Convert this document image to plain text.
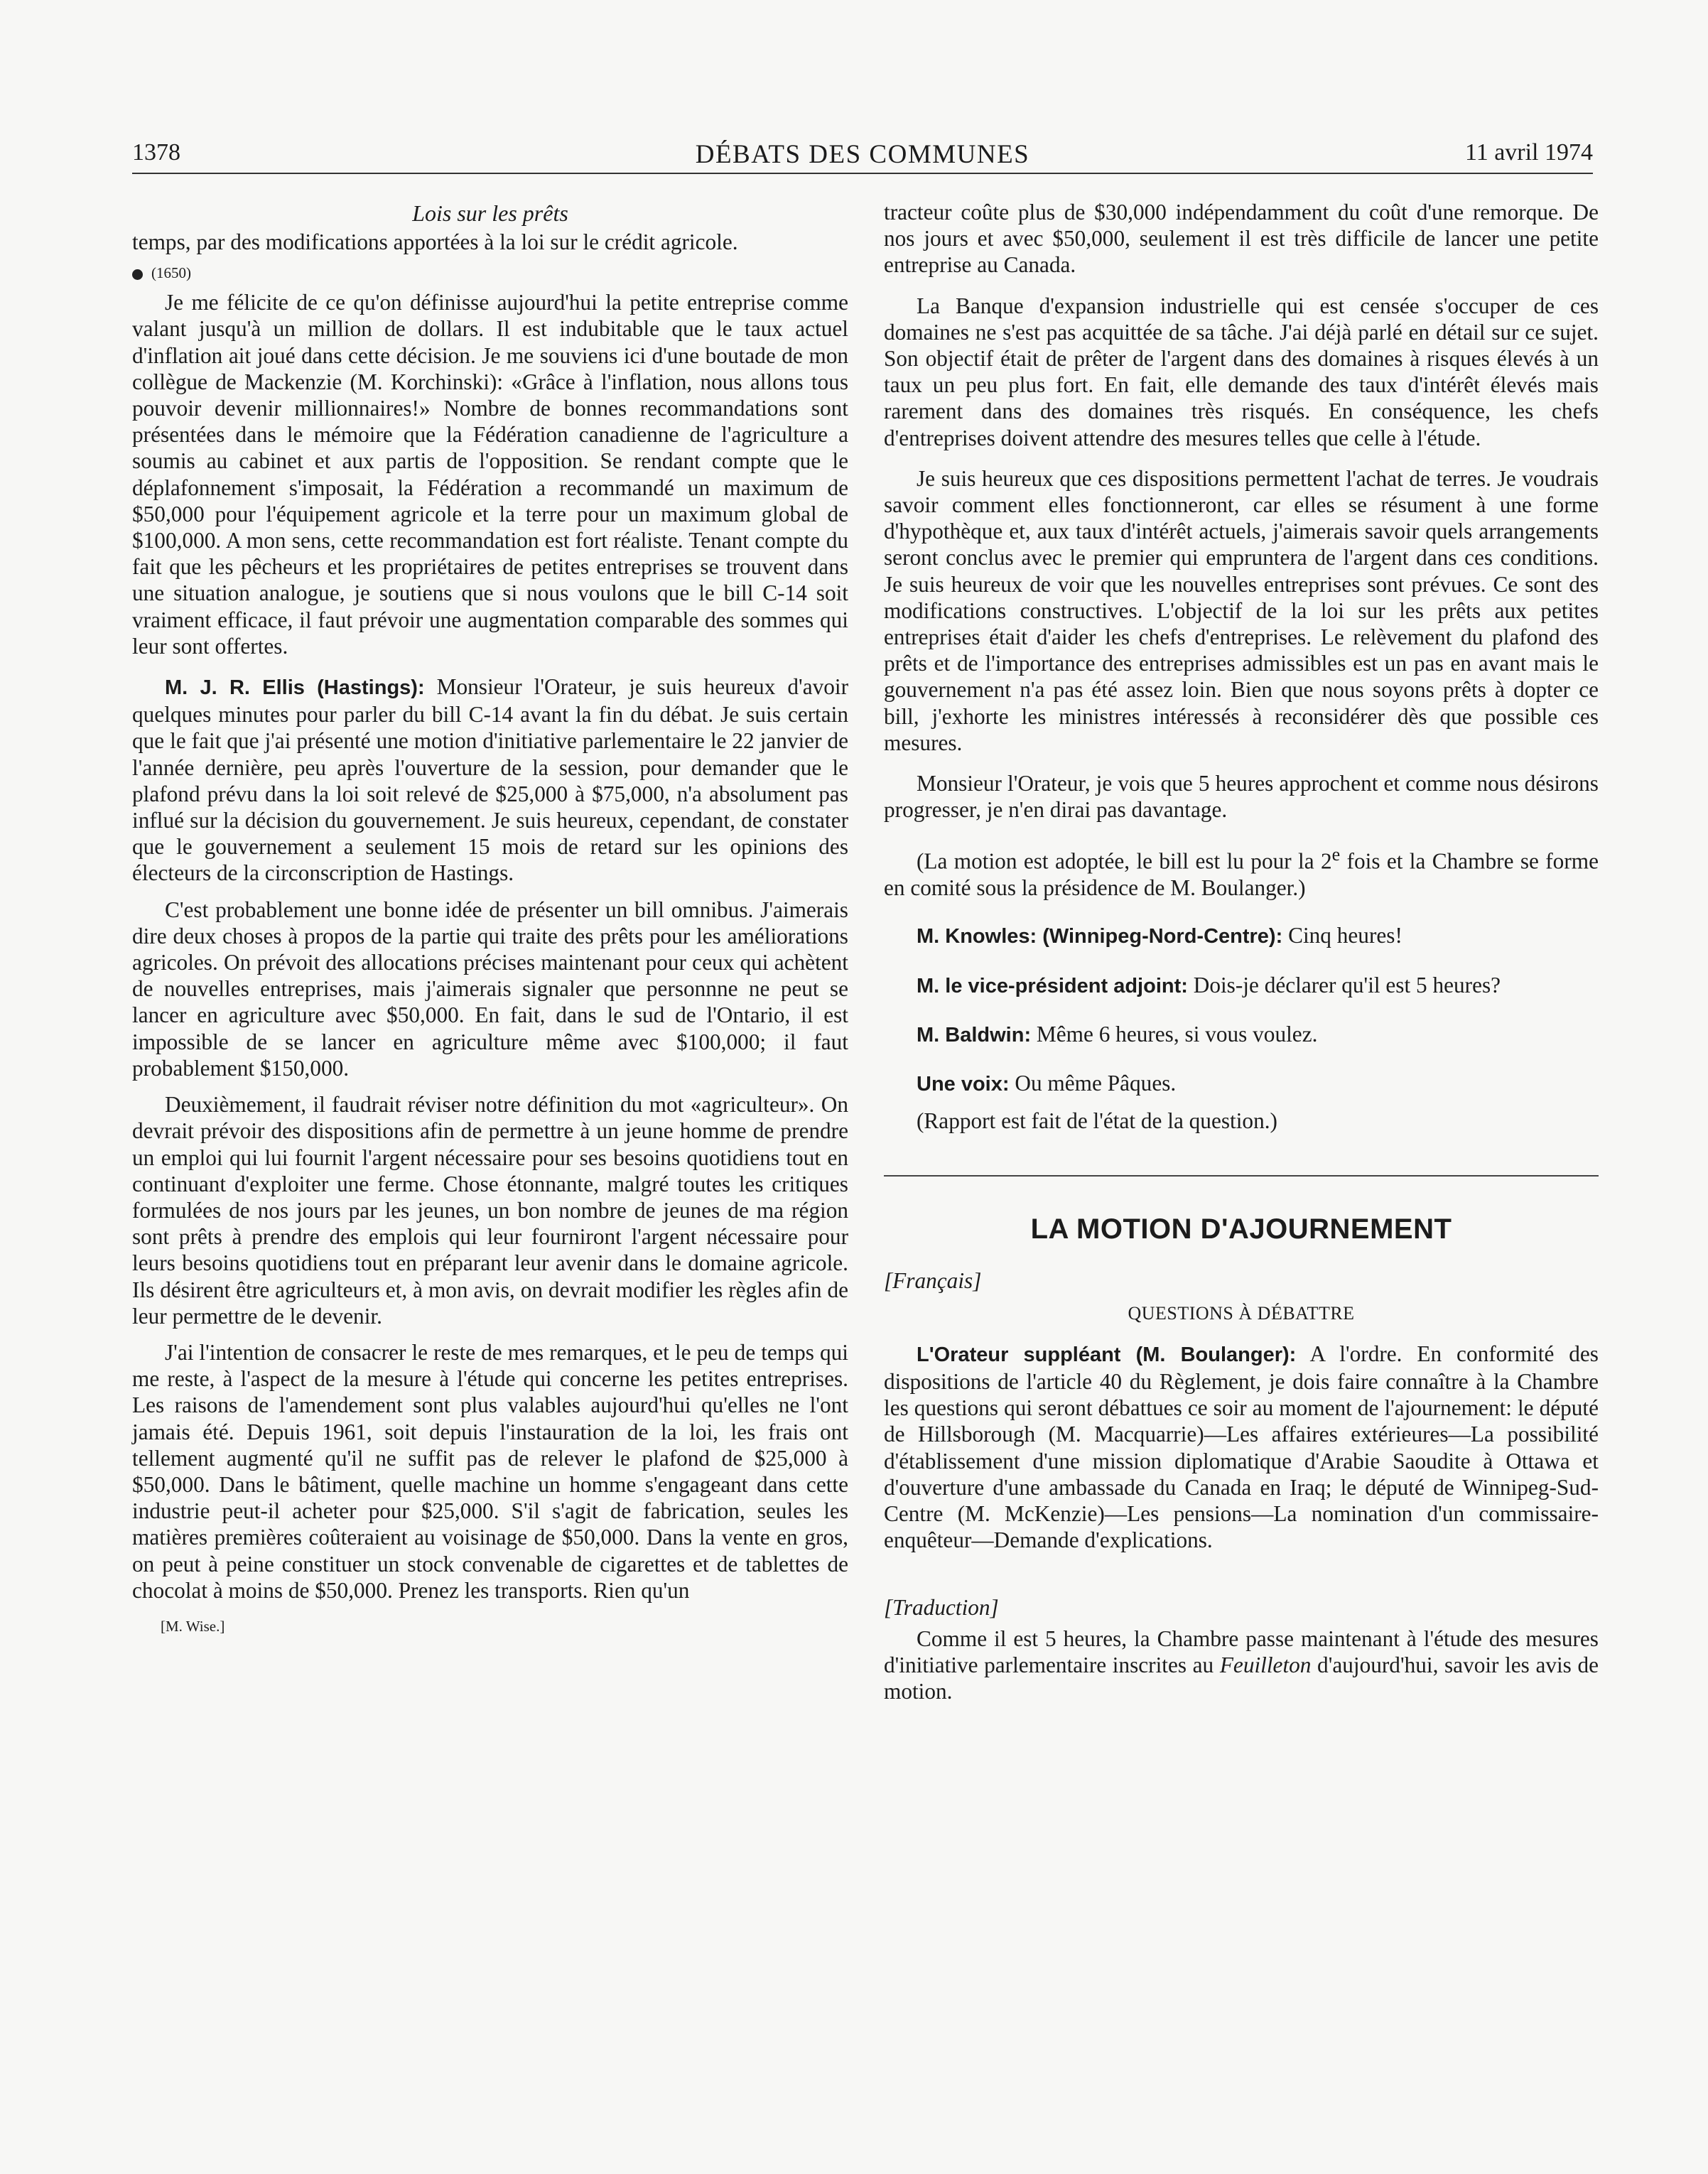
1378	DÉBATS DES COMMUNES	11 avril 1974
Lois sur les prêts

temps, par des modifications apportées à la loi sur le crédit agricole.

(1650)

Je me félicite de ce qu'on définisse aujourd'hui la petite entreprise comme valant jusqu'à un million de dollars. Il est indubitable que le taux actuel d'inflation ait joué dans cette décision. Je me souviens ici d'une boutade de mon collègue de Mackenzie (M. Korchinski): «Grâce à l'inflation, nous allons tous pouvoir devenir millionnaires!» Nombre de bonnes recommandations sont présentées dans le mémoire que la Fédération canadienne de l'agriculture a soumis au cabinet et aux partis de l'opposition. Se rendant compte que le déplafonnement s'imposait, la Fédération a recommandé un maximum de $50,000 pour l'équipement agricole et la terre pour un maximum global de $100,000. A mon sens, cette recommandation est fort réaliste. Tenant compte du fait que les pêcheurs et les propriétaires de petites entreprises se trouvent dans une situation analogue, je soutiens que si nous voulons que le bill C-14 soit vraiment efficace, il faut prévoir une augmentation comparable des sommes qui leur sont offertes.

M. J. R. Ellis (Hastings): Monsieur l'Orateur, je suis heureux d'avoir quelques minutes pour parler du bill C-14 avant la fin du débat. Je suis certain que le fait que j'ai présenté une motion d'initiative parlementaire le 22 janvier de l'année dernière, peu après l'ouverture de la session, pour demander que le plafond prévu dans la loi soit relevé de $25,000 à $75,000, n'a absolument pas influé sur la décision du gouvernement. Je suis heureux, cependant, de constater que le gouvernement a seulement 15 mois de retard sur les opinions des électeurs de la circonscription de Hastings.

C'est probablement une bonne idée de présenter un bill omnibus. J'aimerais dire deux choses à propos de la partie qui traite des prêts pour les améliorations agricoles. On prévoit des allocations précises maintenant pour ceux qui achètent de nouvelles entreprises, mais j'aimerais signaler que personnne ne peut se lancer en agriculture avec $50,000. En fait, dans le sud de l'Ontario, il est impossible de se lancer en agriculture même avec $100,000; il faut probablement $150,000.

Deuxièmement, il faudrait réviser notre définition du mot «agriculteur». On devrait prévoir des dispositions afin de permettre à un jeune homme de prendre un emploi qui lui fournit l'argent nécessaire pour ses besoins quotidiens tout en continuant d'exploiter une ferme. Chose étonnante, malgré toutes les critiques formulées de nos jours par les jeunes, un bon nombre de jeunes de ma région sont prêts à prendre des emplois qui leur fourniront l'argent nécessaire pour leurs besoins quotidiens tout en préparant leur avenir dans le domaine agricole. Ils désirent être agriculteurs et, à mon avis, on devrait modifier les règles afin de leur permettre de le devenir.

J'ai l'intention de consacrer le reste de mes remarques, et le peu de temps qui me reste, à l'aspect de la mesure à l'étude qui concerne les petites entreprises. Les raisons de l'amendement sont plus valables aujourd'hui qu'elles ne l'ont jamais été. Depuis 1961, soit depuis l'instauration de la loi, les frais ont tellement augmenté qu'il ne suffit pas de relever le plafond de $25,000 à $50,000. Dans le bâtiment, quelle machine un homme s'engageant dans cette industrie peut-il acheter pour $25,000. S'il s'agit de fabrication, seules les matières premières coûteraient au voisinage de $50,000. Dans la vente en gros, on peut à peine constituer un stock convenable de cigarettes et de tablettes de chocolat à moins de $50,000. Prenez les transports. Rien qu'un

[M. Wise.]

tracteur coûte plus de $30,000 indépendamment du coût d'une remorque. De nos jours et avec $50,000, seulement il est très difficile de lancer une petite entreprise au Canada.

La Banque d'expansion industrielle qui est censée s'occuper de ces domaines ne s'est pas acquittée de sa tâche. J'ai déjà parlé en détail sur ce sujet. Son objectif était de prêter de l'argent dans des domaines à risques élevés à un taux un peu plus fort. En fait, elle demande des taux d'intérêt élevés mais rarement dans des domaines très risqués. En conséquence, les chefs d'entreprises doivent attendre des mesures telles que celle à l'étude.

Je suis heureux que ces dispositions permettent l'achat de terres. Je voudrais savoir comment elles fonctionneront, car elles se résument à une forme d'hypothèque et, aux taux d'intérêt actuels, j'aimerais savoir quels arrangements seront conclus avec le premier qui empruntera de l'argent dans ces conditions. Je suis heureux de voir que les nouvelles entreprises sont prévues. Ce sont des modifications constructives. L'objectif de la loi sur les prêts aux petites entreprises était d'aider les chefs d'entreprises. Le relèvement du plafond des prêts et de l'importance des entreprises admissibles est un pas en avant mais le gouvernement n'a pas été assez loin. Bien que nous soyons prêts à dopter ce bill, j'exhorte les ministres intéressés à reconsidérer dès que possible ces mesures.

Monsieur l'Orateur, je vois que 5 heures approchent et comme nous désirons progresser, je n'en dirai pas davantage.

(La motion est adoptée, le bill est lu pour la 2e fois et la Chambre se forme en comité sous la présidence de M. Boulanger.)

M. Knowles: (Winnipeg-Nord-Centre): Cinq heures!

M. le vice-président adjoint: Dois-je déclarer qu'il est 5 heures?

M. Baldwin: Même 6 heures, si vous voulez.

Une voix: Ou même Pâques.

(Rapport est fait de l'état de la question.)

LA MOTION D'AJOURNEMENT
[Français]
QUESTIONS À DÉBATTRE

L'Orateur suppléant (M. Boulanger): A l'ordre. En conformité des dispositions de l'article 40 du Règlement, je dois faire connaître à la Chambre les questions qui seront débattues ce soir au moment de l'ajournement: le député de Hillsborough (M. Macquarrie)—Les affaires extérieures—La possibilité d'établissement d'une mission diplomatique d'Arabie Saoudite à Ottawa et d'ouverture d'une ambassade du Canada en Iraq; le député de Winnipeg-Sud-Centre (M. McKenzie)—Les pensions—La nomination d'un commissaire-enquêteur—Demande d'explications.

[Traduction]

Comme il est 5 heures, la Chambre passe maintenant à l'étude des mesures d'initiative parlementaire inscrites au Feuilleton d'aujourd'hui, savoir les avis de motion.
